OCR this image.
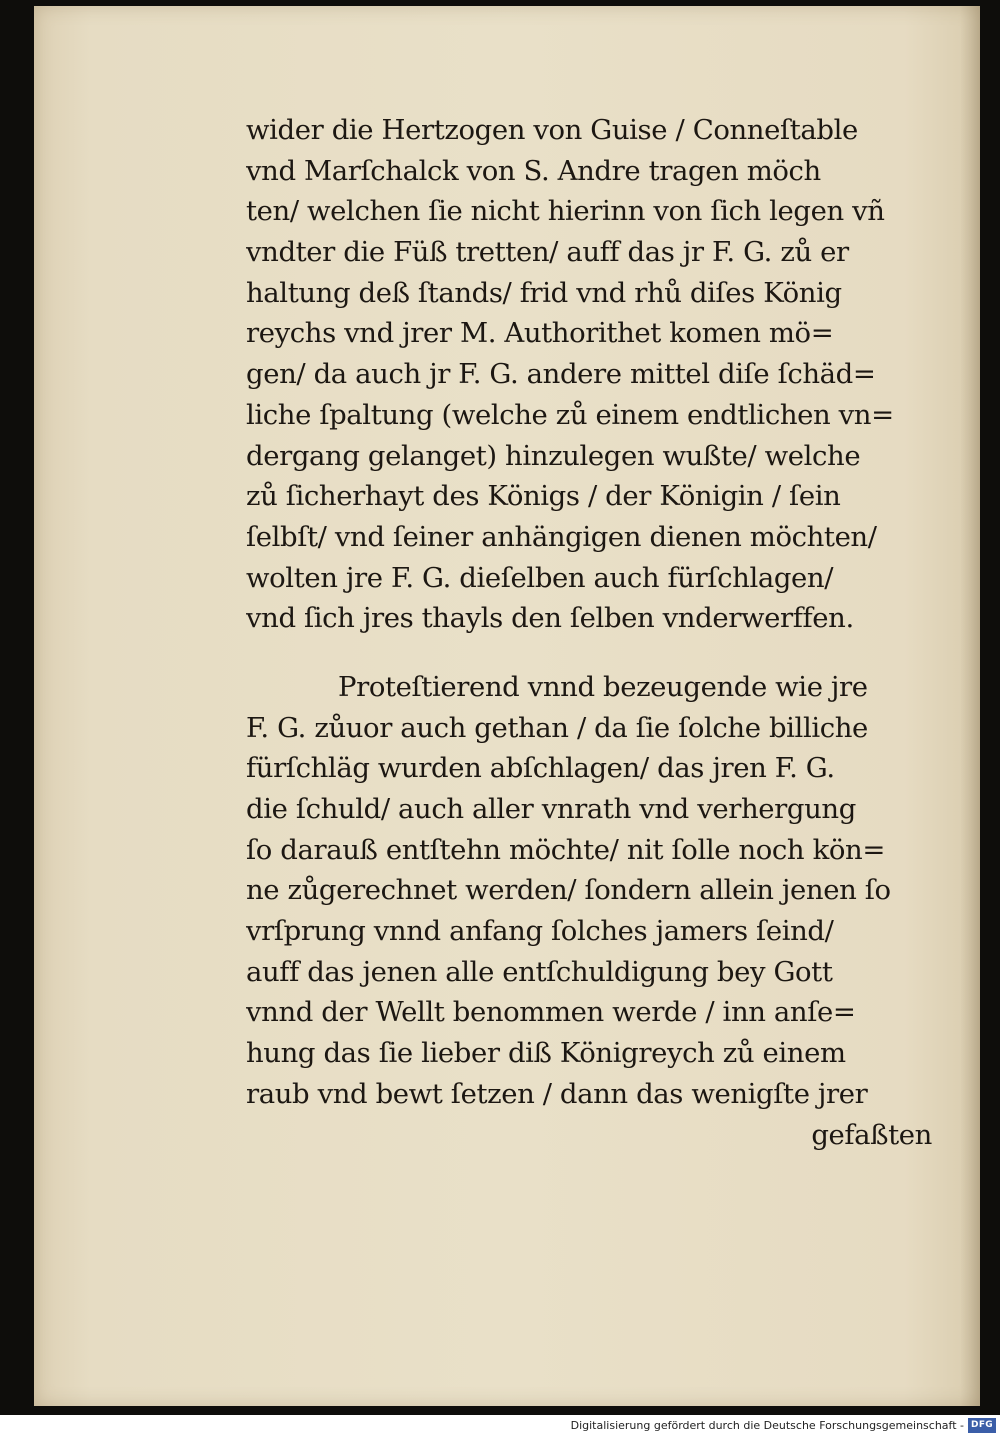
wider die Hertzogen von Guise / Conneſtable
vnd Marſchalck von S. Andre tragen möch
ten/ welchen ſie nicht hierinn von ſich legen vñ
vndter die Füß tretten/ auff das jr F. G. zů er
haltung deß ſtands/ frid vnd rhů diſes König
reychs vnd jrer M. Authorithet komen mö=
gen/ da auch jr F. G. andere mittel diſe ſchäd=
liche ſpaltung (welche zů einem endtlichen vn=
dergang gelanget) hinzulegen wußte/ welche
zů ſicherhayt des Königs / der Königin / ſein
ſelbſt/ vnd ſeiner anhängigen dienen möchten/
wolten jre F. G. dieſelben auch fürſchlagen/
vnd ſich jres thayls den ſelben vnderwerffen.
Proteſtierend vnnd bezeugende wie jre
F. G. zůuor auch gethan / da ſie ſolche billiche
fürſchläg wurden abſchlagen/ das jren F. G.
die ſchuld/ auch aller vnrath vnd verhergung
ſo darauß entſtehn möchte/ nit ſolle noch kön=
ne zůgerechnet werden/ ſondern allein jenen ſo
vrſprung vnnd anfang ſolches jamers ſeind/
auff das jenen alle entſchuldigung bey Gott
vnnd der Wellt benommen werde / inn anſe=
hung das ſie lieber diß Königreych zů einem
raub vnd bewt ſetzen / dann das wenigſte jrer
gefaßten
Digitalisierung gefördert durch die Deutsche Forschungsgemeinschaft - DFG
